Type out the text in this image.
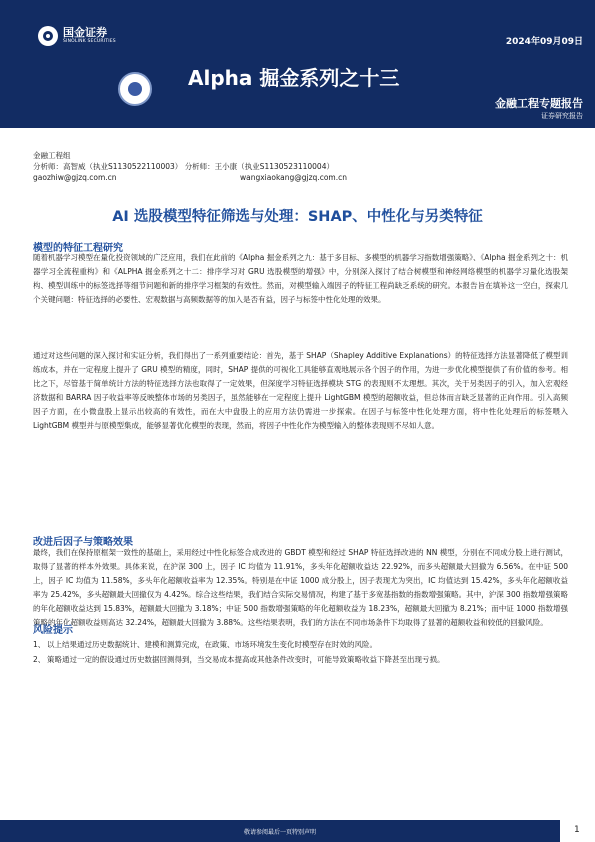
国金证券
SINOLINK SECURITIES	2024年09月09日
Alpha 掘金系列之十三
金融工程专题报告
证券研究报告
金融工程组
分析师：高智威（执业S1130522110003） 分析师：王小康（执业S1130523110004）
gaozhiw@gjzq.com.cn	wangxiaokang@gjzq.com.cn
AI 选股模型特征筛选与处理：SHAP、中性化与另类特征
模型的特征工程研究
随着机器学习模型在量化投资领域的广泛应用，我们在此前的《Alpha 掘金系列之九：基于多目标、多模型的机器学习指数增强策略》、《Alpha 掘金系列之十：机器学习全流程重构》和《ALPHA 掘金系列之十二：排序学习对 GRU 选股模型的增强》中，分别深入探讨了结合树模型和神经网络模型的机器学习量化选股架构、模型训练中的标签选择等细节问题和新的排序学习框架的有效性。然而，对模型输入端因子的特征工程尚缺乏系统的研究。本报告旨在填补这一空白，探索几个关键问题：特征选择的必要性、宏观数据与高频数据等的加入是否有益，因子与标签中性化处理的效果。
通过对这些问题的深入探讨和实证分析，我们得出了一系列重要结论：首先，基于 SHAP（Shapley Additive Explanations）的特征选择方法显著降低了模型训练成本，并在一定程度上提升了 GRU 模型的精度，同时，SHAP 提供的可视化工具能够直观地展示各个因子的作用，为进一步优化模型提供了有价值的参考。相比之下，尽管基于简单统计方法的特征选择方法也取得了一定效果，但深度学习特征选择模块 STG 的表现则不太理想。其次，关于另类因子的引入，加入宏观经济数据和 BARRA 因子收益率等反映整体市场的另类因子，虽然能够在一定程度上提升 LightGBM 模型的超额收益，但总体而言缺乏显著的正向作用。引入高频因子方面，在小微盘股上显示出较高的有效性，而在大中盘股上的应用方法仍需进一步探索。在因子与标签中性化处理方面，将中性化处理后的标签喂入 LightGBM 模型并与原模型集成，能够显著优化模型的表现，然而，将因子中性化作为模型输入的整体表现则不尽如人意。
改进后因子与策略效果
最终，我们在保持原框架一致性的基础上，采用经过中性化标签合成改进的 GBDT 模型和经过 SHAP 特征选择改进的 NN 模型，分别在不同成分股上进行测试，取得了显著的样本外效果。具体来说，在沪深 300 上，因子 IC 均值为 11.91%，多头年化超额收益达 22.92%，而多头超额最大回撤为 6.56%。在中证 500 上，因子 IC 均值为 11.58%，多头年化超额收益率为 12.35%。特别是在中证 1000 成分股上，因子表现尤为突出，IC 均值达到 15.42%，多头年化超额收益率为 25.42%，多头超额最大回撤仅为 4.42%。综合这些结果，我们结合实际交易情况，构建了基于多宽基指数的指数增强策略。其中，沪深 300 指数增强策略的年化超额收益达到 15.83%，超额最大回撤为 3.18%；中证 500 指数增强策略的年化超额收益为 18.23%，超额最大回撤为 8.21%；而中证 1000 指数增强策略的年化超额收益则高达 32.24%，超额最大回撤为 3.88%。这些结果表明，我们的方法在不同市场条件下均取得了显著的超额收益和较低的回撤风险。
风险提示
1、 以上结果通过历史数据统计、建模和测算完成，在政策、市场环境发生变化时模型存在时效的风险。
2、 策略通过一定的假设通过历史数据回测得到，当交易成本提高或其他条件改变时，可能导致策略收益下降甚至出现亏损。
敬请参阅最后一页特别声明	1
